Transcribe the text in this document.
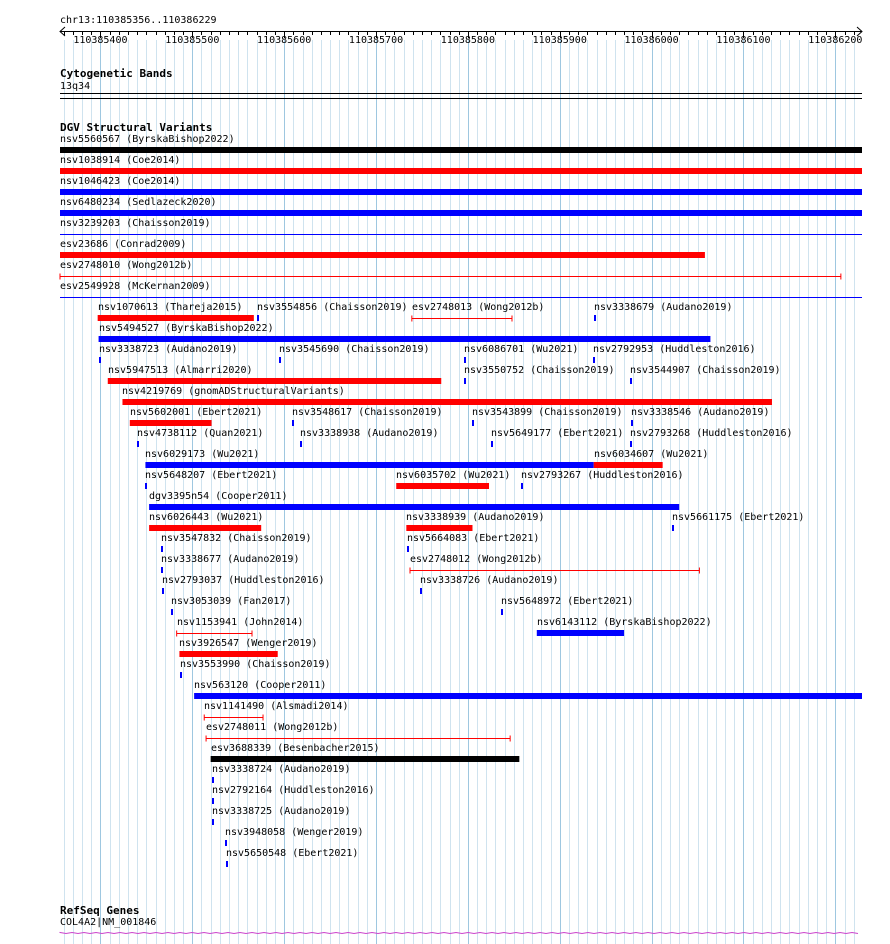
chr13:110385356..110386229
Cytogenetic Bands
13q34
DGV Structural Variants
nsv5560567 (ByrskaBishop2022)
nsv1038914 (Coe2014)
nsv1046423 (Coe2014)
nsv6480234 (Sedlazeck2020)
nsv3239203 (Chaisson2019)
esv23686 (Conrad2009)
esv2748010 (Wong2012b)
esv2549928 (McKernan2009)
nsv1070613 (Thareja2015) nsv3554856 (Chaisson2019) esv2748013 (Wong2012b)	nsv3338679 (Audano2019)
nsv5494527 (ByrskaBishop2022)
nsv3338723 (Audano2019)	nsv3545690 (Chaisson2019)	nsv6086701 (Wu2021) nsv2792953 (Huddleston2016)
nsv5947513 (Almarri2020)	nsv3550752 (Chaisson2019) nsv3544907 (Chaisson2019)
nsv4219769 (gnomADStructuralVariants)
nsv5602001 (Ebert2021)	nsv3548617 (Chaisson2019)	nsv3543899 (Chaisson2019) nsv3338546 (Audano2019)
nsv4738112 (Quan2021)	nsv3338938 (Audano2019)	nsv5649177 (Ebert2021) nsv2793268 (Huddleston2016)
nsv6029173 (Wu2021)	nsv6034607 (Wu2021)
nsv5648207 (Ebert2021)	nsv6035702 (Wu2021) nsv2793267 (Huddleston2016)
dgv3395n54 (Cooper2011)
nsv6026443 (Wu2021)	nsv3338939 (Audano2019)	nsv5661175 (Ebert2021)
nsv3547832 (Chaisson2019)	nsv5664083 (Ebert2021)
nsv3338677 (Audano2019)	esv2748012 (Wong2012b)
nsv2793037 (Huddleston2016)	nsv3338726 (Audano2019)
nsv3053039 (Fan2017)	nsv5648972 (Ebert2021)
nsv1153941 (John2014)	nsv6143112 (ByrskaBishop2022)
nsv3926547 (Wenger2019)
nsv3553990 (Chaisson2019)
nsv563120 (Cooper2011)
nsv1141490 (Alsmadi2014)
esv2748011 (Wong2012b)
esv3688339 (Besenbacher2015)
nsv3338724 (Audano2019)
nsv2792164 (Huddleston2016)
nsv3338725 (Audano2019)
nsv3948058 (Wenger2019)
nsv5650548 (Ebert2021)
RefSeq Genes
COL4A2|NM_001846
110385400	110385500	110385600	110385700	110385800	110385900	110386000	110386100	110386200
